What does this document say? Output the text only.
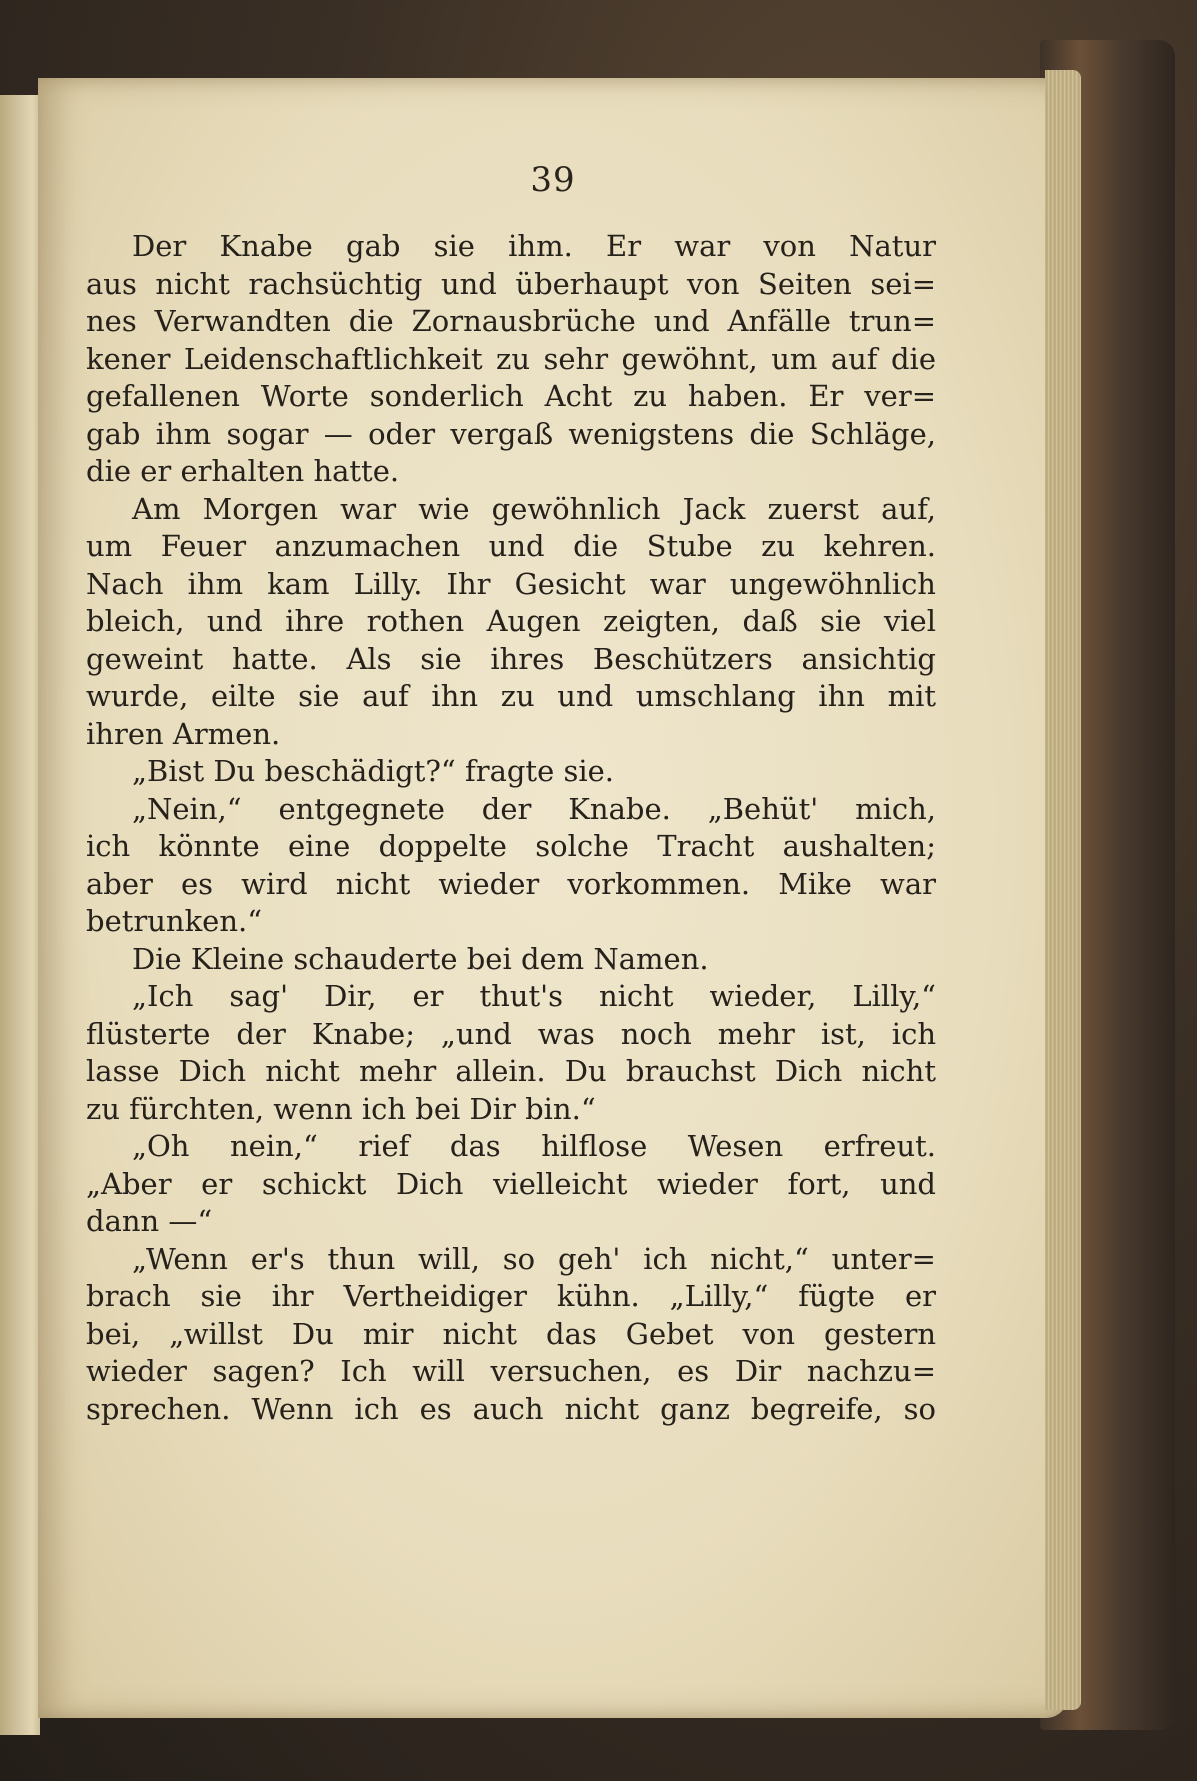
39

Der Knabe gab sie ihm. Er war von Natur
aus nicht rachsüchtig und überhaupt von Seiten sei=
nes Verwandten die Zornausbrüche und Anfälle trun=
kener Leidenschaftlichkeit zu sehr gewöhnt, um auf die
gefallenen Worte sonderlich Acht zu haben. Er ver=
gab ihm sogar — oder vergaß wenigstens die Schläge,
die er erhalten hatte.

Am Morgen war wie gewöhnlich Jack zuerst auf,
um Feuer anzumachen und die Stube zu kehren.
Nach ihm kam Lilly. Ihr Gesicht war ungewöhnlich
bleich, und ihre rothen Augen zeigten, daß sie viel
geweint hatte. Als sie ihres Beschützers ansichtig
wurde, eilte sie auf ihn zu und umschlang ihn mit
ihren Armen.

„Bist Du beschädigt?“ fragte sie.

„Nein,“ entgegnete der Knabe. „Behüt' mich,
ich könnte eine doppelte solche Tracht aushalten;
aber es wird nicht wieder vorkommen. Mike war
betrunken.“

Die Kleine schauderte bei dem Namen.

„Ich sag' Dir, er thut's nicht wieder, Lilly,“
flüsterte der Knabe; „und was noch mehr ist, ich
lasse Dich nicht mehr allein. Du brauchst Dich nicht
zu fürchten, wenn ich bei Dir bin.“

„Oh nein,“ rief das hilflose Wesen erfreut.
„Aber er schickt Dich vielleicht wieder fort, und
dann —“

„Wenn er's thun will, so geh' ich nicht,“ unter=
brach sie ihr Vertheidiger kühn. „Lilly,“ fügte er
bei, „willst Du mir nicht das Gebet von gestern
wieder sagen? Ich will versuchen, es Dir nachzu=
sprechen. Wenn ich es auch nicht ganz begreife, so
